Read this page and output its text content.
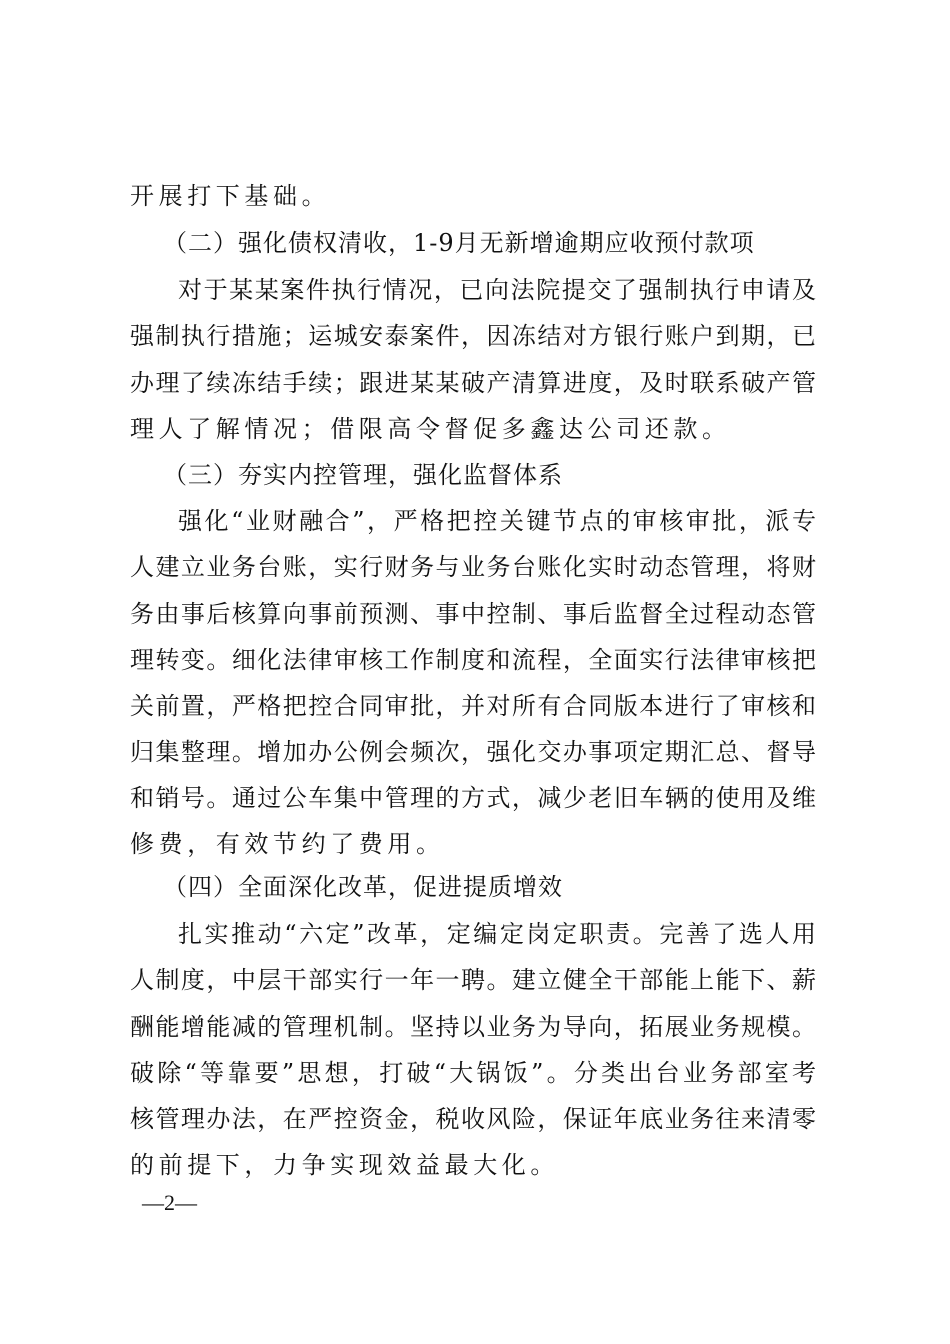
开展打下基础。
（二）强化债权清收，1-9月无新增逾期应收预付款项
对于某某案件执行情况，已向法院提交了强制执行申请及
强制执行措施；运城安泰案件，因冻结对方银行账户到期，已
办理了续冻结手续；跟进某某破产清算进度，及时联系破产管
理人了解情况；借限高令督促多鑫达公司还款。
（三）夯实内控管理，强化监督体系
强化“业财融合”，严格把控关键节点的审核审批，派专
人建立业务台账，实行财务与业务台账化实时动态管理，将财
务由事后核算向事前预测、事中控制、事后监督全过程动态管
理转变。细化法律审核工作制度和流程，全面实行法律审核把
关前置，严格把控合同审批，并对所有合同版本进行了审核和
归集整理。增加办公例会频次，强化交办事项定期汇总、督导
和销号。通过公车集中管理的方式，减少老旧车辆的使用及维
修费，有效节约了费用。
（四）全面深化改革，促进提质增效
扎实推动“六定”改革，定编定岗定职责。完善了选人用
人制度，中层干部实行一年一聘。建立健全干部能上能下、薪
酬能增能减的管理机制。坚持以业务为导向，拓展业务规模。
破除“等靠要”思想，打破“大锅饭”。分类出台业务部室考
核管理办法，在严控资金，税收风险，保证年底业务往来清零
的前提下，力争实现效益最大化。
—2—
